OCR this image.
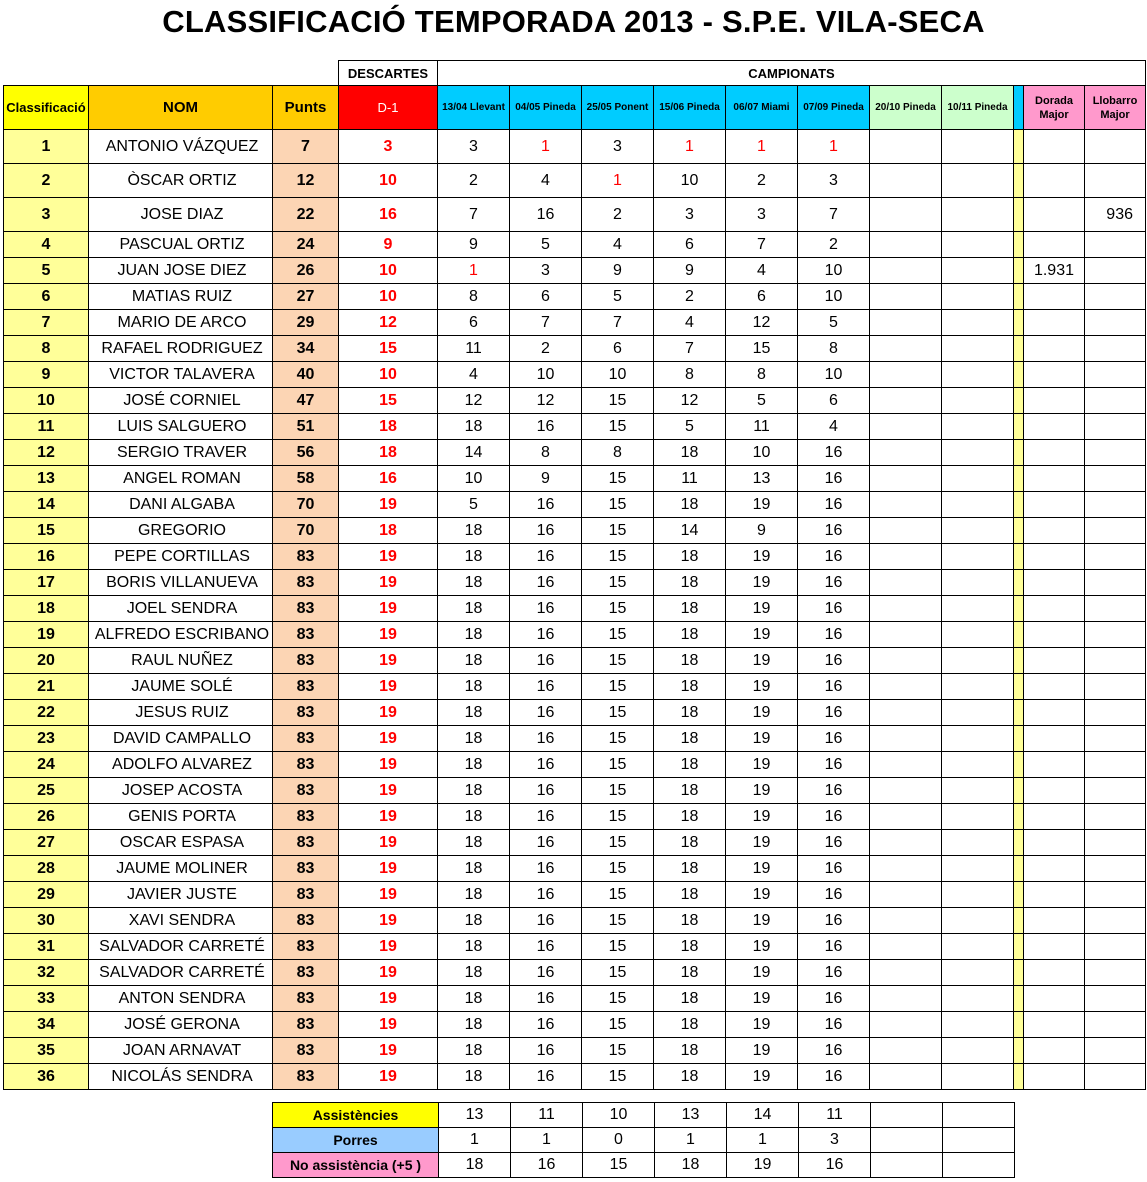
CLASSIFICACIÓ TEMPORADA 2013 - S.P.E. VILA-SECA
			DESCARTES	CAMPIONATS										
Classificació	NOM	Punts	D-1	13/04 Llevant	04/05 Pineda	25/05 Ponent	15/06 Pineda	06/07 Miami	07/09 Pineda	20/10 Pineda	10/11 Pineda		Dorada Major	Llobarro Major
1	ANTONIO VÁZQUEZ	7	3	3	1	3	1	1	1					
2	ÒSCAR ORTIZ	12	10	2	4	1	10	2	3					
3	JOSE DIAZ	22	16	7	16	2	3	3	7					936
4	PASCUAL ORTIZ	24	9	9	5	4	6	7	2					
5	JUAN JOSE DIEZ	26	10	1	3	9	9	4	10				1.931	
6	MATIAS RUIZ	27	10	8	6	5	2	6	10					
7	MARIO DE ARCO	29	12	6	7	7	4	12	5					
8	RAFAEL RODRIGUEZ	34	15	11	2	6	7	15	8					
9	VICTOR TALAVERA	40	10	4	10	10	8	8	10					
10	JOSÉ CORNIEL	47	15	12	12	15	12	5	6					
11	LUIS SALGUERO	51	18	18	16	15	5	11	4					
12	SERGIO TRAVER	56	18	14	8	8	18	10	16					
13	ANGEL ROMAN	58	16	10	9	15	11	13	16					
14	DANI ALGABA	70	19	5	16	15	18	19	16					
15	GREGORIO	70	18	18	16	15	14	9	16					
16	PEPE CORTILLAS	83	19	18	16	15	18	19	16					
17	BORIS VILLANUEVA	83	19	18	16	15	18	19	16					
18	JOEL SENDRA	83	19	18	16	15	18	19	16					
19	ALFREDO ESCRIBANO	83	19	18	16	15	18	19	16					
20	RAUL NUÑEZ	83	19	18	16	15	18	19	16					
21	JAUME SOLÉ	83	19	18	16	15	18	19	16					
22	JESUS RUIZ	83	19	18	16	15	18	19	16					
23	DAVID CAMPALLO	83	19	18	16	15	18	19	16					
24	ADOLFO ALVAREZ	83	19	18	16	15	18	19	16					
25	JOSEP ACOSTA	83	19	18	16	15	18	19	16					
26	GENIS PORTA	83	19	18	16	15	18	19	16					
27	OSCAR ESPASA	83	19	18	16	15	18	19	16					
28	JAUME MOLINER	83	19	18	16	15	18	19	16					
29	JAVIER JUSTE	83	19	18	16	15	18	19	16					
30	XAVI SENDRA	83	19	18	16	15	18	19	16					
31	SALVADOR CARRETÉ	83	19	18	16	15	18	19	16					
32	SALVADOR CARRETÉ	83	19	18	16	15	18	19	16					
33	ANTON SENDRA	83	19	18	16	15	18	19	16					
34	JOSÉ GERONA	83	19	18	16	15	18	19	16					
35	JOAN ARNAVAT	83	19	18	16	15	18	19	16					
36	NICOLÁS SENDRA	83	19	18	16	15	18	19	16					
Assistències	13	11	10	13	14	11		
Porres	1	1	0	1	1	3		
No assistència (+5 )	18	16	15	18	19	16		
